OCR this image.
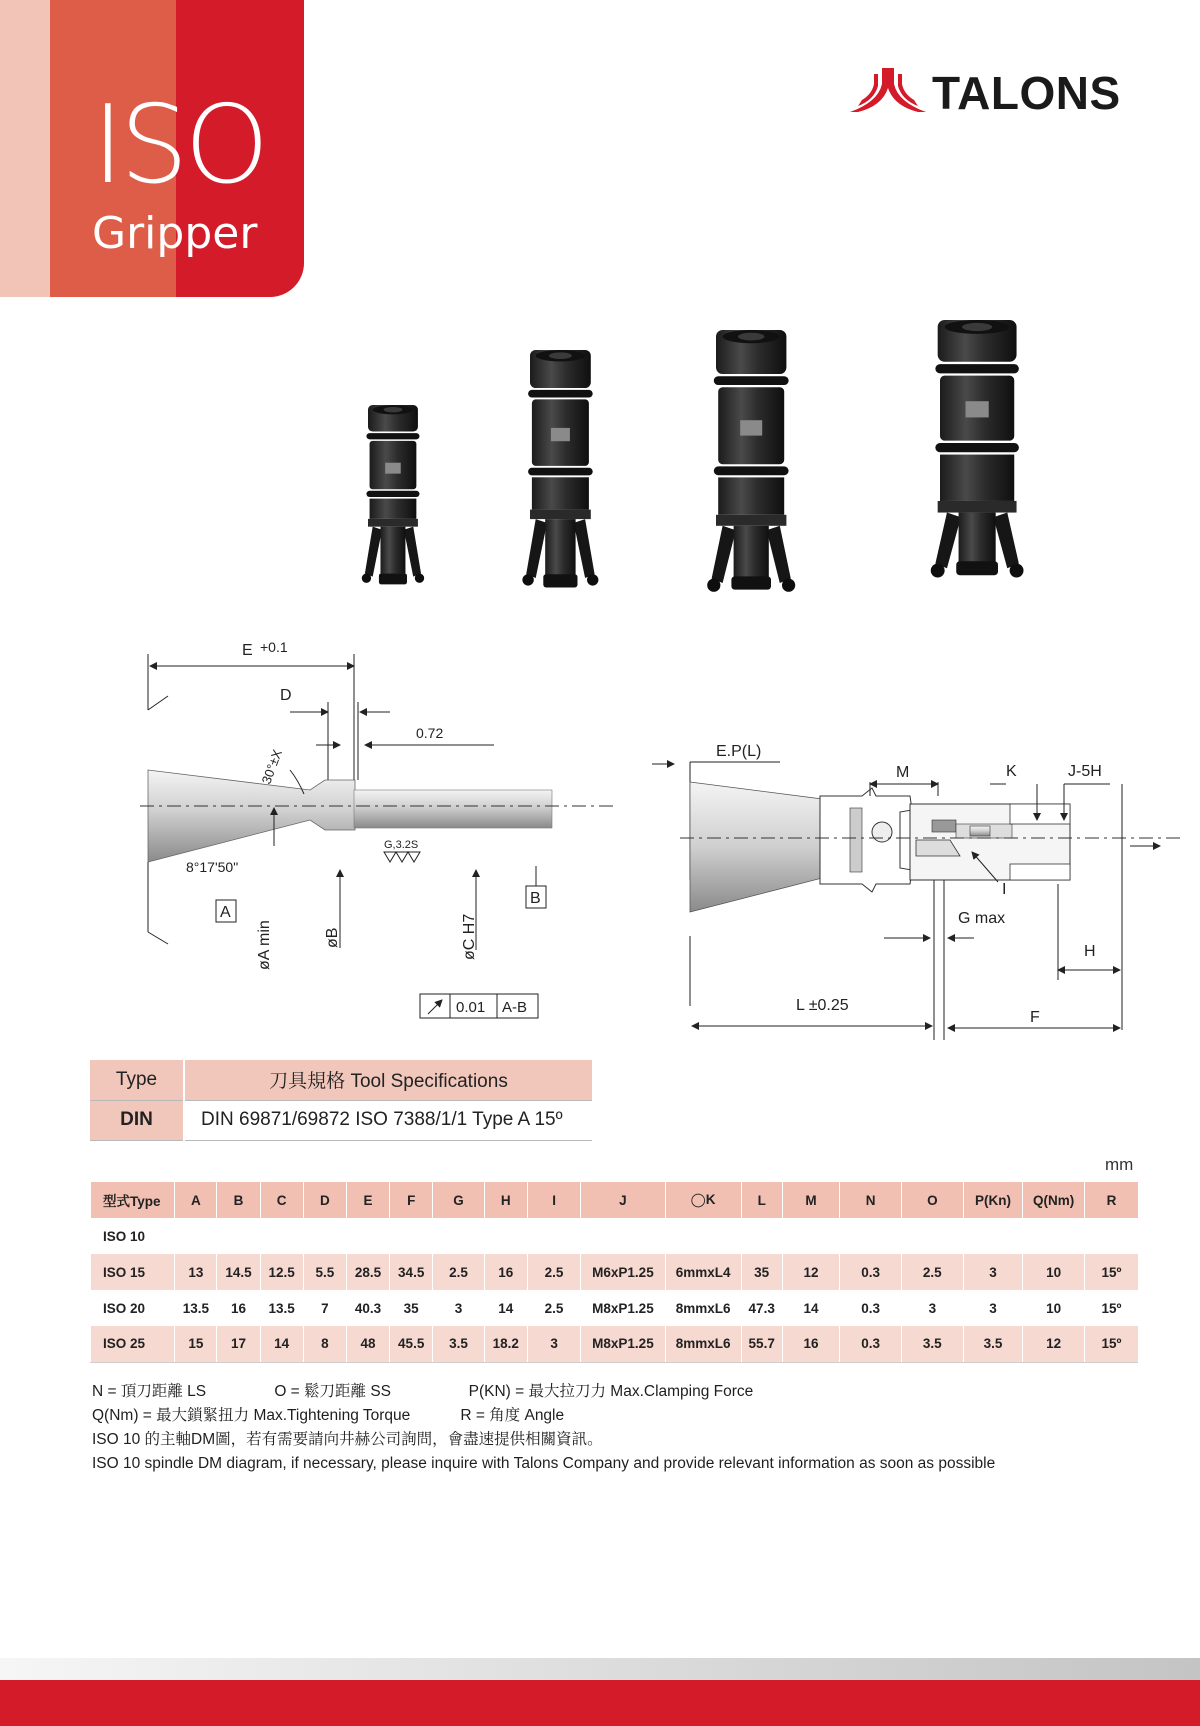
ISO
Gripper
TALONS
E +0.1
D
0.72
30°±X
8°17'50"
G,3.2S
øA min	øB	øC H7
A
B
0.01 A-B
E.P(L)
M	K	J-5H
I
G max
H
L ±0.25
F
Type	刀具規格 Tool Specifications
DIN	DIN 69871/69872 ISO 7388/1/1 Type A 15º
mm
型式Type	A	B	C	D	E	F	G	H	I	J	◯K	L	M	N	O	P(Kn)	Q(Nm)	R
ISO 10																		
ISO 15	13	14.5	12.5	5.5	28.5	34.5	2.5	16	2.5	M6xP1.25	6mmxL4	35	12	0.3	2.5	3	10	15º
ISO 20	13.5	16	13.5	7	40.3	35	3	14	2.5	M8xP1.25	8mmxL6	47.3	14	0.3	3	3	10	15º
ISO 25	15	17	14	8	48	45.5	3.5	18.2	3	M8xP1.25	8mmxL6	55.7	16	0.3	3.5	3.5	12	15º
N = 頂刀距離 LS	O = 鬆刀距離 SS	P(KN) = 最大拉刀力 Max.Clamping Force
Q(Nm) = 最大鎖緊扭力 Max.Tightening Torque	R = 角度 Angle
ISO 10 的主軸DM圖，若有需要請向井赫公司詢問，會盡速提供相關資訊。
ISO 10 spindle DM diagram, if necessary, please inquire with Talons Company and provide relevant information as soon as possible
